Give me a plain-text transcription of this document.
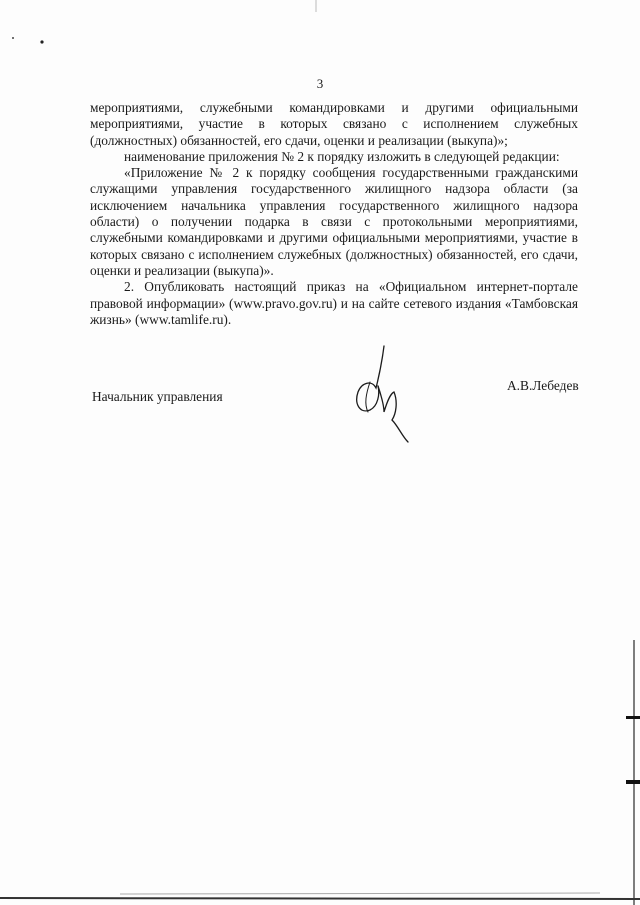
3

мероприятиями, служебными командировками и другими официальными мероприятиями, участие в которых связано с исполнением служебных (должностных) обязанностей, его сдачи, оценки и реализации (выкупа)»;

наименование приложения № 2 к порядку изложить в следующей редакции:

«Приложение № 2 к порядку сообщения государственными гражданскими служащими управления государственного жилищного надзора области (за исключением начальника управления государственного жилищного надзора области) о получении подарка в связи с протокольными мероприятиями, служебными командировками и другими официальными мероприятиями, участие в которых связано с исполнением служебных (должностных) обязанностей, его сдачи, оценки и реализации (выкупа)».

2. Опубликовать настоящий приказ на «Официальном интернет-портале правовой информации» (www.pravo.gov.ru) и на сайте сетевого издания «Тамбовская жизнь» (www.tamlife.ru).

Начальник управления
А.В.Лебедев
